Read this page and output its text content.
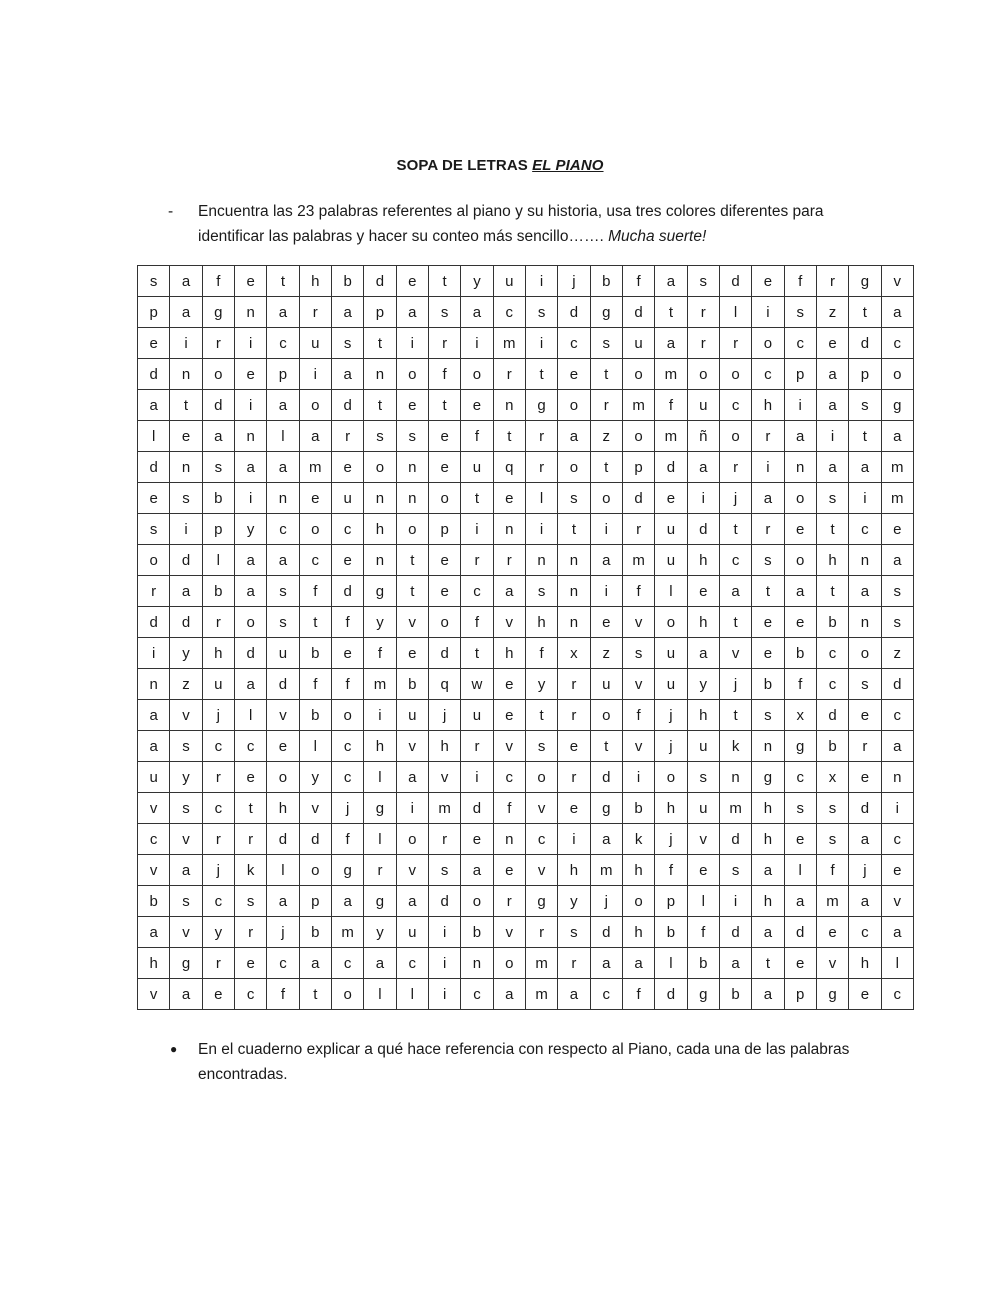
SOPA DE LETRAS EL PIANO
- Encuentra las 23 palabras referentes al piano y su historia, usa tres colores diferentes para identificar las palabras y hacer su conteo más sencillo……. Mucha suerte!
s	a	f	e	t	h	b	d	e	t	y	u	i	j	b	f	a	s	d	e	f	r	g	v
p	a	g	n	a	r	a	p	a	s	a	c	s	d	g	d	t	r	l	i	s	z	t	a
e	i	r	i	c	u	s	t	i	r	i	m	i	c	s	u	a	r	r	o	c	e	d	c
d	n	o	e	p	i	a	n	o	f	o	r	t	e	t	o	m	o	o	c	p	a	p	o
a	t	d	i	a	o	d	t	e	t	e	n	g	o	r	m	f	u	c	h	i	a	s	g
l	e	a	n	l	a	r	s	s	e	f	t	r	a	z	o	m	ñ	o	r	a	i	t	a
d	n	s	a	a	m	e	o	n	e	u	q	r	o	t	p	d	a	r	i	n	a	a	m
e	s	b	i	n	e	u	n	n	o	t	e	l	s	o	d	e	i	j	a	o	s	i	m
s	i	p	y	c	o	c	h	o	p	i	n	i	t	i	r	u	d	t	r	e	t	c	e
o	d	l	a	a	c	e	n	t	e	r	r	n	n	a	m	u	h	c	s	o	h	n	a
r	a	b	a	s	f	d	g	t	e	c	a	s	n	i	f	l	e	a	t	a	t	a	s
d	d	r	o	s	t	f	y	v	o	f	v	h	n	e	v	o	h	t	e	e	b	n	s
i	y	h	d	u	b	e	f	e	d	t	h	f	x	z	s	u	a	v	e	b	c	o	z
n	z	u	a	d	f	f	m	b	q	w	e	y	r	u	v	u	y	j	b	f	c	s	d
a	v	j	l	v	b	o	i	u	j	u	e	t	r	o	f	j	h	t	s	x	d	e	c
a	s	c	c	e	l	c	h	v	h	r	v	s	e	t	v	j	u	k	n	g	b	r	a
u	y	r	e	o	y	c	l	a	v	i	c	o	r	d	i	o	s	n	g	c	x	e	n
v	s	c	t	h	v	j	g	i	m	d	f	v	e	g	b	h	u	m	h	s	s	d	i
c	v	r	r	d	d	f	l	o	r	e	n	c	i	a	k	j	v	d	h	e	s	a	c
v	a	j	k	l	o	g	r	v	s	a	e	v	h	m	h	f	e	s	a	l	f	j	e
b	s	c	s	a	p	a	g	a	d	o	r	g	y	j	o	p	l	i	h	a	m	a	v
a	v	y	r	j	b	m	y	u	i	b	v	r	s	d	h	b	f	d	a	d	e	c	a
h	g	r	e	c	a	c	a	c	i	n	o	m	r	a	a	l	b	a	t	e	v	h	l
v	a	e	c	f	t	o	l	l	i	c	a	m	a	c	f	d	g	b	a	p	g	e	c
● En el cuaderno explicar a qué hace referencia con respecto al Piano, cada una de las palabras encontradas.
